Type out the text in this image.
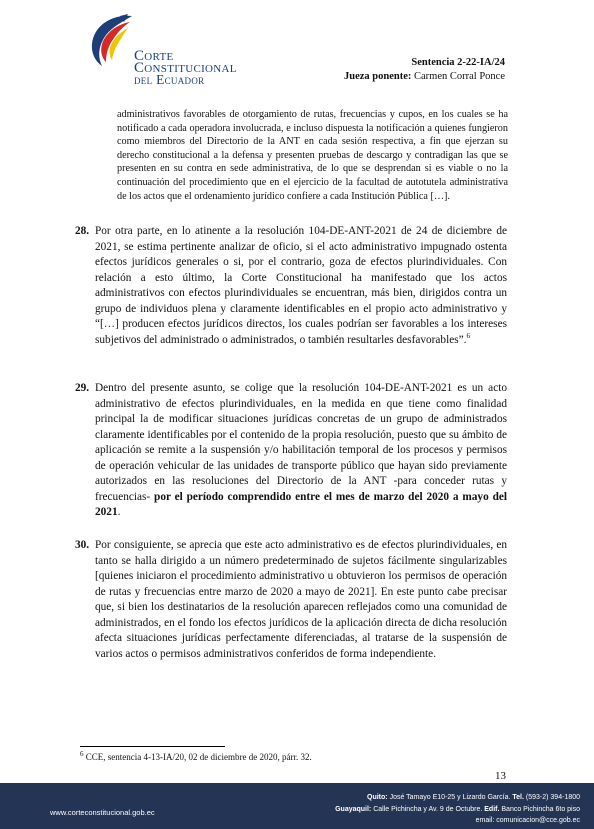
Corte
Constitucional
del Ecuador
Sentencia 2-22-IA/24
Jueza ponente: Carmen Corral Ponce
administrativos favorables de otorgamiento de rutas, frecuencias y cupos, en los cuales se ha notificado a cada operadora involucrada, e incluso dispuesta la notificación a quienes fungieron como miembros del Directorio de la ANT en cada sesión respectiva, a fin que ejerzan su derecho constitucional a la defensa y presenten pruebas de descargo y contradigan las que se presenten en su contra en sede administrativa, de lo que se desprendan si es viable o no la continuación del procedimiento que en el ejercicio de la facultad de autotutela administrativa de los actos que el ordenamiento jurídico confiere a cada Institución Pública […].
28. Por otra parte, en lo atinente a la resolución 104-DE-ANT-2021 de 24 de diciembre de 2021, se estima pertinente analizar de oficio, si el acto administrativo impugnado ostenta efectos jurídicos generales o si, por el contrario, goza de efectos plurindividuales. Con relación a esto último, la Corte Constitucional ha manifestado que los actos administrativos con efectos plurindividuales se encuentran, más bien, dirigidos contra un grupo de individuos plena y claramente identificables en el propio acto administrativo y “[…] producen efectos jurídicos directos, los cuales podrían ser favorables a los intereses subjetivos del administrado o administrados, o también resultarles desfavorables”.$^6$
29. Dentro del presente asunto, se colige que la resolución 104-DE-ANT-2021 es un acto administrativo de efectos plurindividuales, en la medida en que tiene como finalidad principal la de modificar situaciones jurídicas concretas de un grupo de administrados claramente identificables por el contenido de la propia resolución, puesto que su ámbito de aplicación se remite a la suspensión y/o habilitación temporal de los procesos y permisos de operación vehicular de las unidades de transporte público que hayan sido previamente autorizados en las resoluciones del Directorio de la ANT -para conceder rutas y frecuencias- por el período comprendido entre el mes de marzo del 2020 a mayo del 2021.
30. Por consiguiente, se aprecia que este acto administrativo es de efectos plurindividuales, en tanto se halla dirigido a un número predeterminado de sujetos fácilmente singularizables [quienes iniciaron el procedimiento administrativo u obtuvieron los permisos de operación de rutas y frecuencias entre marzo de 2020 a mayo de 2021]. En este punto cabe precisar que, si bien los destinatarios de la resolución aparecen reflejados como una comunidad de administrados, en el fondo los efectos jurídicos de la aplicación directa de dicha resolución afecta situaciones jurídicas perfectamente diferenciadas, al tratarse de la suspensión de varios actos o permisos administrativos conferidos de forma independiente.
$^6$ CCE, sentencia 4-13-IA/20, 02 de diciembre de 2020, párr. 32.
13
www.corteconstitucional.gob.ec
Quito: José Tamayo E10-25 y Lizardo García. Tel. (593-2) 394-1800
Guayaquil: Calle Pichincha y Av. 9 de Octubre. Edif. Banco Pichincha 6to piso
email: comunicacion@cce.gob.ec
